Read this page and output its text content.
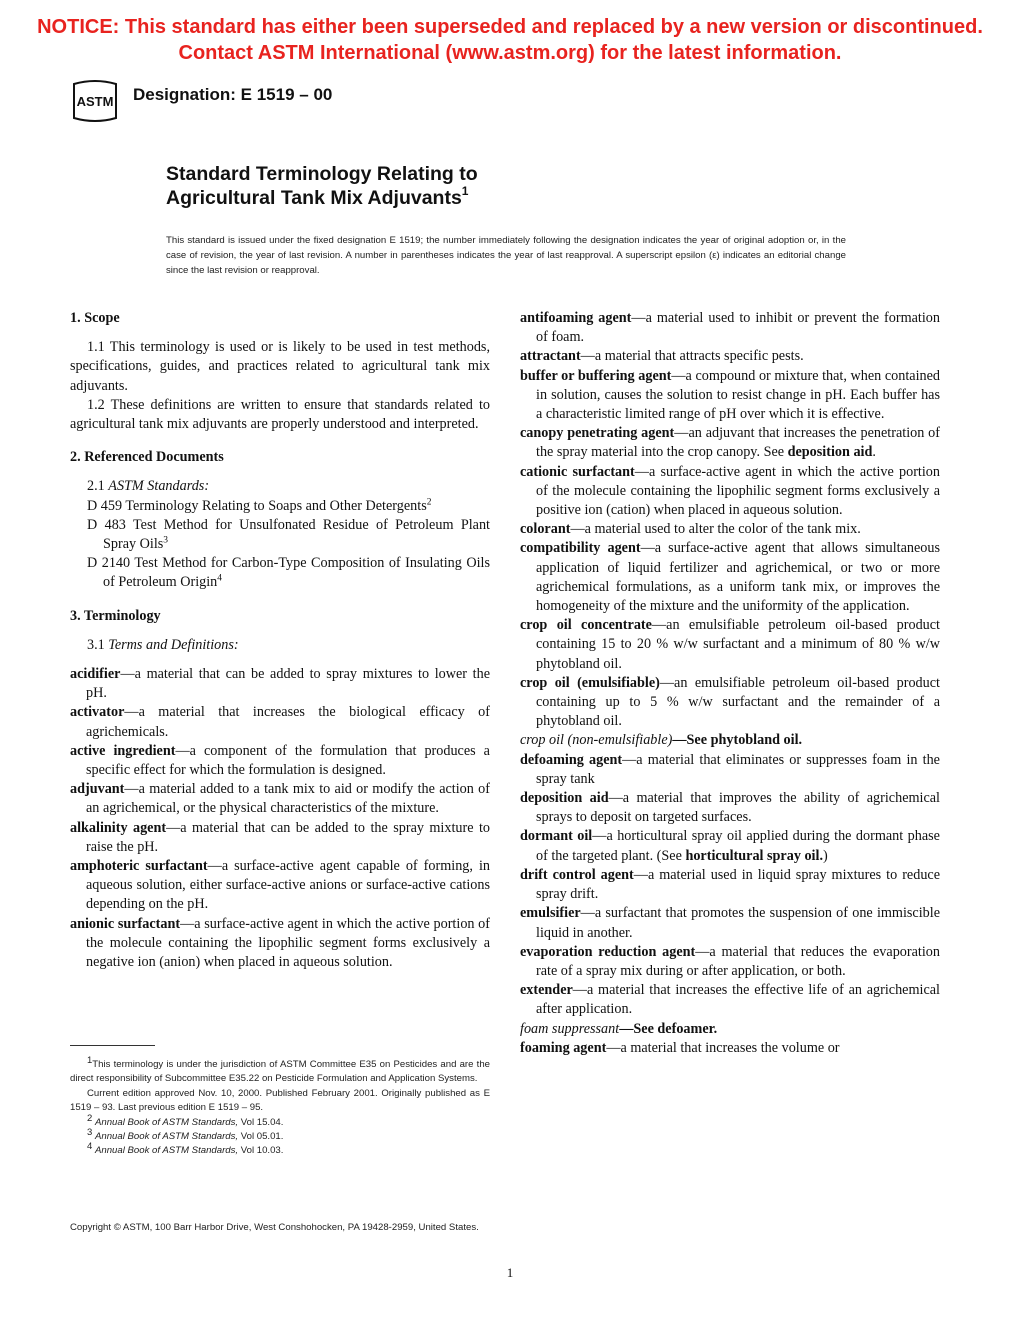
NOTICE: This standard has either been superseded and replaced by a new version or discontinued.
Contact ASTM International (www.astm.org) for the latest information.
ASTM Designation: E 1519 – 00
Standard Terminology Relating to
Agricultural Tank Mix Adjuvants$^1$
This standard is issued under the fixed designation E 1519; the number immediately following the designation indicates the year of original adoption or, in the case of revision, the year of last revision. A number in parentheses indicates the year of last reapproval. A superscript epsilon (ε) indicates an editorial change since the last revision or reapproval.

1. Scope

1.1 This terminology is used or is likely to be used in test methods, specifications, guides, and practices related to agricultural tank mix adjuvants.

1.2 These definitions are written to ensure that standards related to agricultural tank mix adjuvants are properly understood and interpreted.

2. Referenced Documents

2.1 ASTM Standards:

D 459 Terminology Relating to Soaps and Other Detergents$^2$

D 483 Test Method for Unsulfonated Residue of Petroleum Plant Spray Oils$^3$

D 2140 Test Method for Carbon-Type Composition of Insulating Oils of Petroleum Origin$^4$

3. Terminology

3.1 Terms and Definitions:

acidifier—a material that can be added to spray mixtures to lower the pH.

activator—a material that increases the biological efficacy of agrichemicals.

active ingredient—a component of the formulation that produces a specific effect for which the formulation is designed.

adjuvant—a material added to a tank mix to aid or modify the action of an agrichemical, or the physical characteristics of the mixture.

alkalinity agent—a material that can be added to the spray mixture to raise the pH.

amphoteric surfactant—a surface-active agent capable of forming, in aqueous solution, either surface-active anions or surface-active cations depending on the pH.

anionic surfactant—a surface-active agent in which the active portion of the molecule containing the lipophilic segment forms exclusively a negative ion (anion) when placed in aqueous solution.

antifoaming agent—a material used to inhibit or prevent the formation of foam.

attractant—a material that attracts specific pests.

buffer or buffering agent—a compound or mixture that, when contained in solution, causes the solution to resist change in pH. Each buffer has a characteristic limited range of pH over which it is effective.

canopy penetrating agent—an adjuvant that increases the penetration of the spray material into the crop canopy. See deposition aid.

cationic surfactant—a surface-active agent in which the active portion of the molecule containing the lipophilic segment forms exclusively a positive ion (cation) when placed in aqueous solution.

colorant—a material used to alter the color of the tank mix.

compatibility agent—a surface-active agent that allows simultaneous application of liquid fertilizer and agrichemical, or two or more agrichemical formulations, as a uniform tank mix, or improves the homogeneity of the mixture and the uniformity of the application.

crop oil concentrate—an emulsifiable petroleum oil-based product containing 15 to 20 % w/w surfactant and a minimum of 80 % w/w phytobland oil.

crop oil (emulsifiable)—an emulsifiable petroleum oil-based product containing up to 5 % w/w surfactant and the remainder of a phytobland oil.

crop oil (non-emulsifiable)—See phytobland oil.

defoaming agent—a material that eliminates or suppresses foam in the spray tank

deposition aid—a material that improves the ability of agrichemical sprays to deposit on targeted surfaces.

dormant oil—a horticultural spray oil applied during the dormant phase of the targeted plant. (See horticultural spray oil.)

drift control agent—a material used in liquid spray mixtures to reduce spray drift.

emulsifier—a surfactant that promotes the suspension of one immiscible liquid in another.

evaporation reduction agent—a material that reduces the evaporation rate of a spray mix during or after application, or both.

extender—a material that increases the effective life of an agrichemical after application.

foam suppressant—See defoamer.

foaming agent—a material that increases the volume or

$^1$This terminology is under the jurisdiction of ASTM Committee E35 on Pesticides and are the direct responsibility of Subcommittee E35.22 on Pesticide Formulation and Application Systems.

Current edition approved Nov. 10, 2000. Published February 2001. Originally published as E 1519 – 93. Last previous edition E 1519 – 95.

$^2$ Annual Book of ASTM Standards, Vol 15.04.

$^3$ Annual Book of ASTM Standards, Vol 05.01.

$^4$ Annual Book of ASTM Standards, Vol 10.03.

Copyright © ASTM, 100 Barr Harbor Drive, West Conshohocken, PA 19428-2959, United States.
1
